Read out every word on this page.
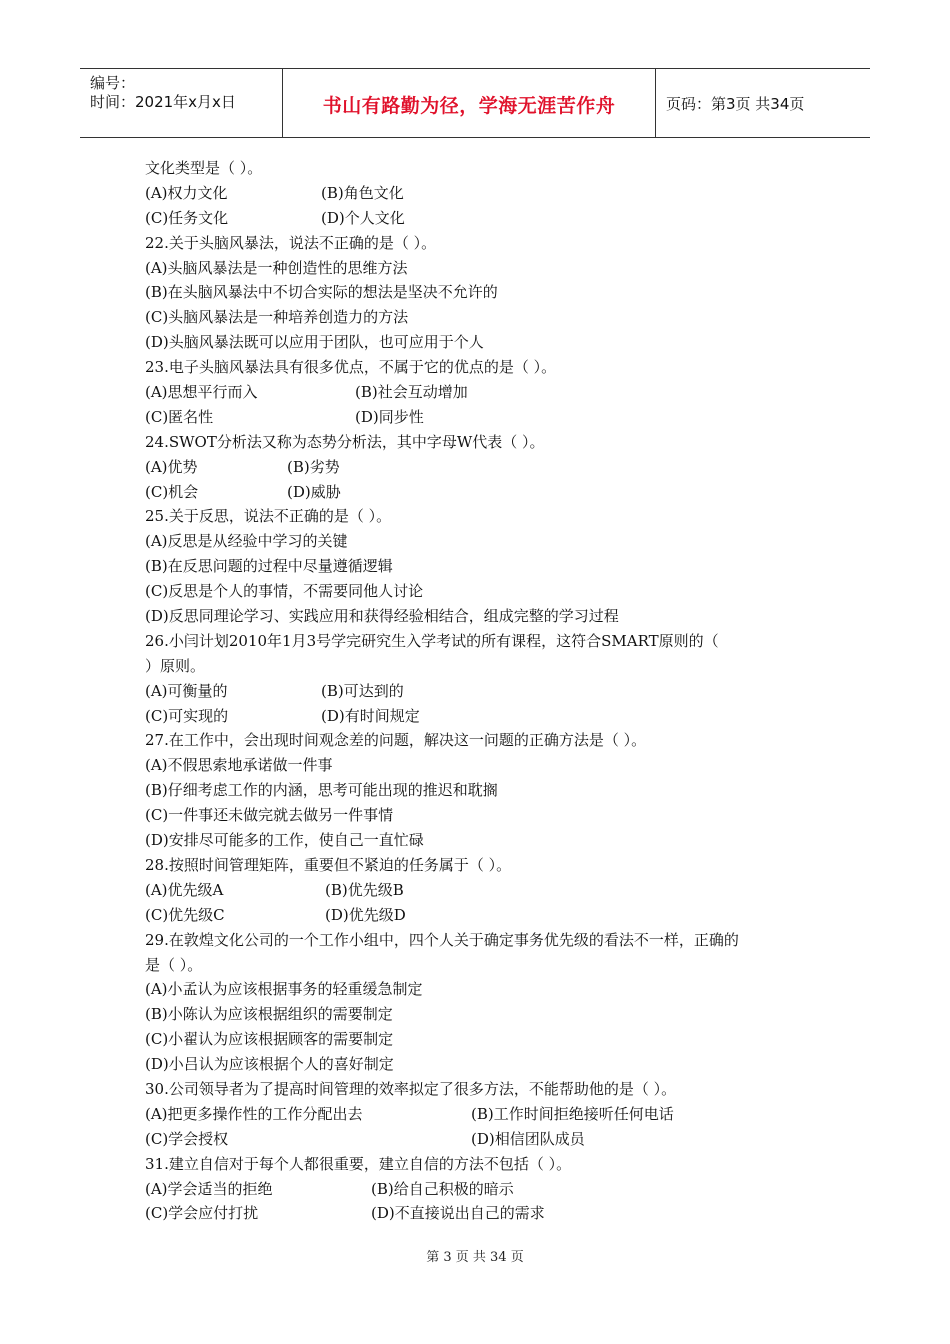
编号：
时间：2021年x月x日	书山有路勤为径，学海无涯苦作舟	页码：第3页 共34页
文化类型是（ ）。
(A)权力文化	(B)角色文化
(C)任务文化	(D)个人文化
22.关于头脑风暴法，说法不正确的是（ ）。
(A)头脑风暴法是一种创造性的思维方法
(B)在头脑风暴法中不切合实际的想法是坚决不允许的
(C)头脑风暴法是一种培养创造力的方法
(D)头脑风暴法既可以应用于团队，也可应用于个人
23.电子头脑风暴法具有很多优点，不属于它的优点的是（ ）。
(A)思想平行而入	(B)社会互动增加
(C)匿名性	(D)同步性
24.SWOT分析法又称为态势分析法，其中字母W代表（ ）。
(A)优势	(B)劣势
(C)机会	(D)威胁
25.关于反思，说法不正确的是（ ）。
(A)反思是从经验中学习的关键
(B)在反思问题的过程中尽量遵循逻辑
(C)反思是个人的事情，不需要同他人讨论
(D)反思同理论学习、实践应用和获得经验相结合，组成完整的学习过程
26.小闫计划2010年1月3号学完研究生入学考试的所有课程，这符合SMART原则的（
）原则。
(A)可衡量的	(B)可达到的
(C)可实现的	(D)有时间规定
27.在工作中，会出现时间观念差的问题，解决这一问题的正确方法是（ ）。
(A)不假思索地承诺做一件事
(B)仔细考虑工作的内涵，思考可能出现的推迟和耽搁
(C)一件事还未做完就去做另一件事情
(D)安排尽可能多的工作，使自己一直忙碌
28.按照时间管理矩阵，重要但不紧迫的任务属于（ ）。
(A)优先级A	(B)优先级B
(C)优先级C	(D)优先级D
29.在敦煌文化公司的一个工作小组中，四个人关于确定事务优先级的看法不一样，正确的
是（ ）。
(A)小孟认为应该根据事务的轻重缓急制定
(B)小陈认为应该根据组织的需要制定
(C)小翟认为应该根据顾客的需要制定
(D)小吕认为应该根据个人的喜好制定
30.公司领导者为了提高时间管理的效率拟定了很多方法，不能帮助他的是（ ）。
(A)把更多操作性的工作分配出去	(B)工作时间拒绝接听任何电话
(C)学会授权	(D)相信团队成员
31.建立自信对于每个人都很重要，建立自信的方法不包括（ ）。
(A)学会适当的拒绝	(B)给自己积极的暗示
(C)学会应付打扰	(D)不直接说出自己的需求
第 3 页 共 34 页
